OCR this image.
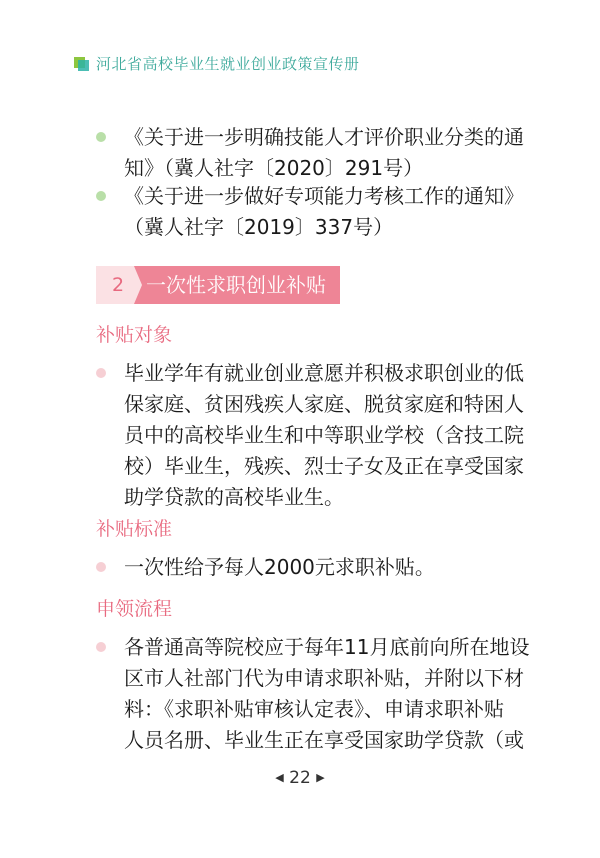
河北省高校毕业生就业创业政策宣传册
《关于进一步明确技能人才评价职业分类的通
知》（冀人社字〔2020〕291号）
《关于进一步做好专项能力考核工作的通知》
（冀人社字〔2019〕337号）
2 一次性求职创业补贴
补贴对象
毕业学年有就业创业意愿并积极求职创业的低
保家庭、贫困残疾人家庭、脱贫家庭和特困人
员中的高校毕业生和中等职业学校（含技工院
校）毕业生，残疾、烈士子女及正在享受国家
助学贷款的高校毕业生。
补贴标准
一次性给予每人2000元求职补贴。
申领流程
各普通高等院校应于每年11月底前向所在地设
区市人社部门代为申请求职补贴，并附以下材
料：《求职补贴审核认定表》、申请求职补贴
人员名册、毕业生正在享受国家助学贷款（或
◀ 22 ▶
